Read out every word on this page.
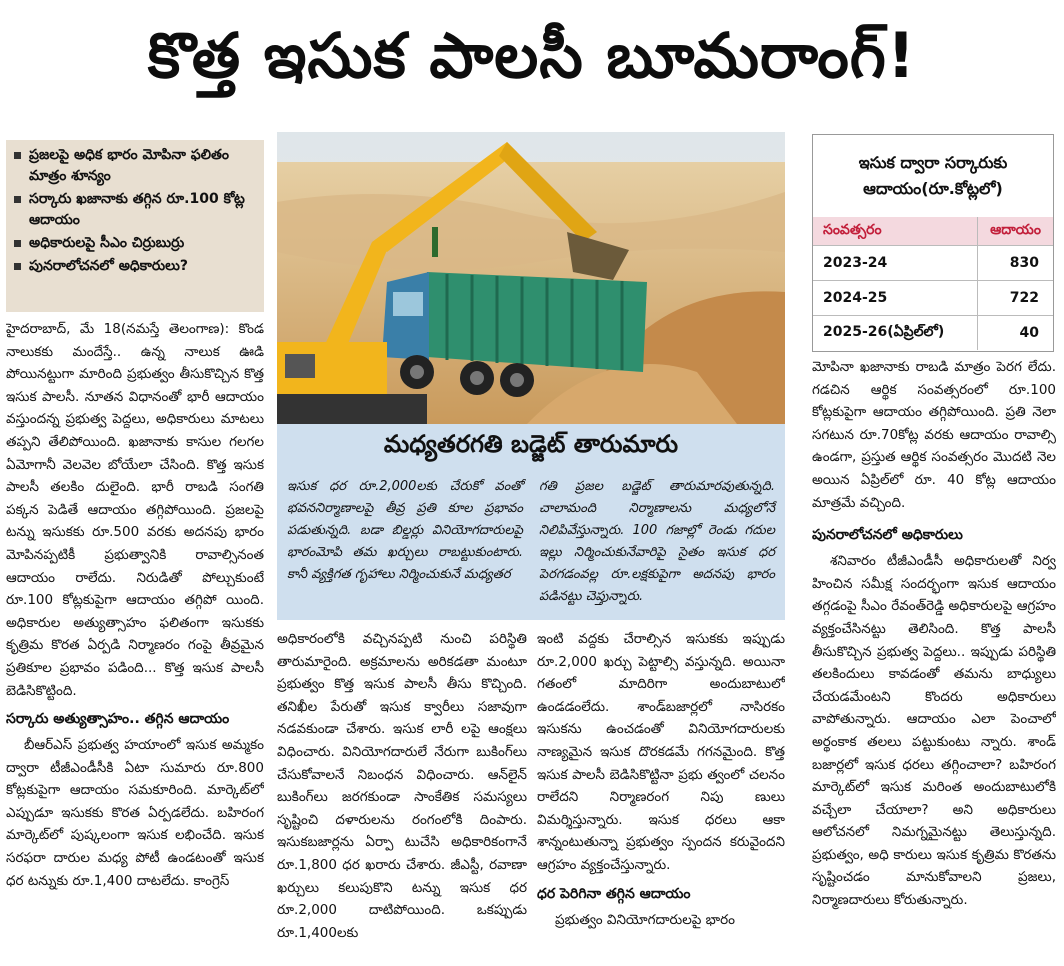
కొత్త ఇసుక పాలసీ బూమరాంగ్!
ప్రజలపై అధిక భారం మోపినా ఫలితం మాత్రం శూన్యం
సర్కారు ఖజానాకు తగ్గిన రూ.100 కోట్ల ఆదాయం
అధికారులపై సీఎం చిర్రుబుర్రు
పునరాలోచనలో అధికారులు?

హైదరాబాద్, మే 18(నమస్తే తెలంగాణ): కొండ నాలుకకు మందేస్తే.. ఉన్న నాలుక ఊడి పోయినట్టుగా మారింది ప్రభుత్వం తీసుకొచ్చిన కొత్త ఇసుక పాలసీ. నూతన విధానంతో భారీ ఆదాయం వస్తుందన్న ప్రభుత్వ పెద్దలు, అధికారులు మాటలు తప్పని తేలిపోయింది. ఖజానాకు కాసుల గలగల ఏమోగానీ వెలవెల బోయేలా చేసింది. కొత్త ఇసుక పాలసీ తలకిం దులైంది. భారీ రాబడి సంగతి పక్కన పెడితే ఆదాయం తగ్గిపోయింది. ప్రజలపై టన్ను ఇసుకకు రూ.500 వరకు అదనపు భారం మోపినప్పటికీ ప్రభుత్వానికి రావాల్సినంత ఆదాయం రాలేదు. నిరుడితో పోల్చుకుంటే రూ.100 కోట్లకుపైగా ఆదాయం తగ్గిపో యింది. అధికారుల అత్యుత్సాహం ఫలితంగా ఇసుకకు కృత్రిమ కొరత ఏర్పడి నిర్మాణరం గంపై తీవ్రమైన ప్రతికూల ప్రభావం పడింది... కొత్త ఇసుక పాలసీ బెడిసికొట్టింది.

సర్కారు అత్యుత్సాహం.. తగ్గిన ఆదాయం

బీఆర్ఎస్ ప్రభుత్వ హయాంలో ఇసుక అమ్మకం ద్వారా టీజీఎండీసీకి ఏటా సుమారు రూ.800 కోట్లకుపైగా ఆదాయం సమకూరింది. మార్కెట్‌లో ఎప్పుడూ ఇసుకకు కొరత ఏర్పడలేదు. బహిరంగ మార్కెట్‌లో పుష్కలంగా ఇసుక లభించేది. ఇసుక సరఫరా దారుల మధ్య పోటీ ఉండటంతో ఇసుక ధర టన్నుకు రూ.1,400 దాటలేదు. కాంగ్రెస్

మధ్యతరగతి బడ్జెట్ తారుమారు
ఇసుక ధర రూ.2,000లకు చేరుకో వంతో భవననిర్మాణాలపై తీవ్ర ప్రతి కూల ప్రభావం పడుతున్నది. బడా బిల్డర్లు వినియోగదారులపై భారంమోపి తమ ఖర్చులు రాబట్టుకుంటారు. కానీ వ్యక్తిగత గృహాలు నిర్మించుకునే మధ్యతర
గతి ప్రజల బడ్జెట్ తారుమారవుతున్నది. చాలామంది నిర్మాణాలను మధ్యలోనే నిలిపివేస్తున్నారు. 100 గజాల్లో రెండు గదుల ఇల్లు నిర్మించుకునేవారిపై సైతం ఇసుక ధర పెరగడంవల్ల రూ.లక్షకుపైగా అదనపు భారం పడినట్టు చెప్తున్నారు.

అధికారంలోకి వచ్చినప్పటి నుంచి పరిస్థితి తారుమారైంది. అక్రమాలను అరికడతా మంటూ ప్రభుత్వం కొత్త ఇసుక పాలసీ తీసు కొచ్చింది. తనిఖీల పేరుతో ఇసుక క్వారీలు సజావుగా నడవకుండా చేశారు. ఇసుక లారీ లపై ఆంక్షలు విధించారు. వినియోగదారులే నేరుగా బుకింగ్‌లు చేసుకోవాలనే నిబంధన విధించారు. ఆన్‌లైన్ బుకింగ్‌లు జరగకుండా సాంకేతిక సమస్యలు సృష్టించి దళారులను రంగంలోకి దింపారు. ఇసుకబజార్లను ఏర్పా టుచేసి అధికారికంగానే రూ.1,800 ధర ఖరారు చేశారు. జీఎస్టీ, రవాణా ఖర్చులు కలుపుకొని టన్ను ఇసుక ధర రూ.2,000 దాటిపోయింది. ఒకప్పుడు రూ.1,400లకు

ఇంటి వద్దకు చేరాల్సిన ఇసుకకు ఇప్పుడు రూ.2,000 ఖర్చు పెట్టాల్సి వస్తున్నది. అయినా గతంలో మాదిరిగా అందుబాటులో ఉండడంలేదు. శాండ్‌బజార్లలో నాసిరకం ఇసుకను ఉంచడంతో వినియోగదారులకు నాణ్యమైన ఇసుక దొరకడమే గగనమైంది. కొత్త ఇసుక పాలసీ బెడిసికొట్టినా ప్రభు త్వంలో చలనం రాలేదని నిర్మాణరంగ నిపు ణులు విమర్శిస్తున్నారు. ఇసుక ధరలు ఆకా శాన్నంటుతున్నా ప్రభుత్వం స్పందన కరువైందని ఆగ్రహం వ్యక్తంచేస్తున్నారు.

ధర పెరిగినా తగ్గిన ఆదాయం

ప్రభుత్వం వినియోగదారులపై భారం

ఇసుక ద్వారా సర్కారుకు ఆదాయం(రూ.కోట్లలో)
సంవత్సరం	ఆదాయం
2023-24	830
2024-25	722
2025-26(ఏప్రిల్‌లో)	40

మోపినా ఖజానాకు రాబడి మాత్రం పెరగ లేదు. గడచిన ఆర్థిక సంవత్సరంలో రూ.100 కోట్లకుపైగా ఆదాయం తగ్గిపోయింది. ప్రతి నెలా సగటున రూ.70కోట్ల వరకు ఆదాయం రావాల్సి ఉండగా, ప్రస్తుత ఆర్థిక సంవత్సరం మొదటి నెల అయిన ఏప్రిల్‌లో రూ. 40 కోట్ల ఆదాయం మాత్రమే వచ్చింది.

పునరాలోచనలో అధికారులు

శనివారం టీజీఎండీసీ అధికారులతో నిర్వ హించిన సమీక్ష సందర్భంగా ఇసుక ఆదాయం తగ్గడంపై సీఎం రేవంత్‌రెడ్డి అధికారులపై ఆగ్రహం వ్యక్తంచేసినట్టు తెలిసింది. కొత్త పాలసీ తీసుకొచ్చిన ప్రభుత్వ పెద్దలు.. ఇప్పుడు పరిస్థితి తలకిందులు కావడంతో తమను బాధ్యులు చేయడమేంటని కొందరు అధికారులు వాపోతున్నారు. ఆదాయం ఎలా పెంచాలో అర్థంకాక తలలు పట్టుకుంటు న్నారు. శాండ్ బజార్లలో ఇసుక ధరలు తగ్గించాలా? బహిరంగ మార్కెట్‌లో ఇసుక మరింత అందుబాటులోకి వచ్చేలా చేయాలా? అని అధికారులు ఆలోచనలో నిమగ్నమైనట్టు తెలుస్తున్నది. ప్రభుత్వం, అధి కారులు ఇసుక కృత్రిమ కొరతను సృష్టించడం మానుకోవాలని ప్రజలు, నిర్మాణదారులు కోరుతున్నారు.
